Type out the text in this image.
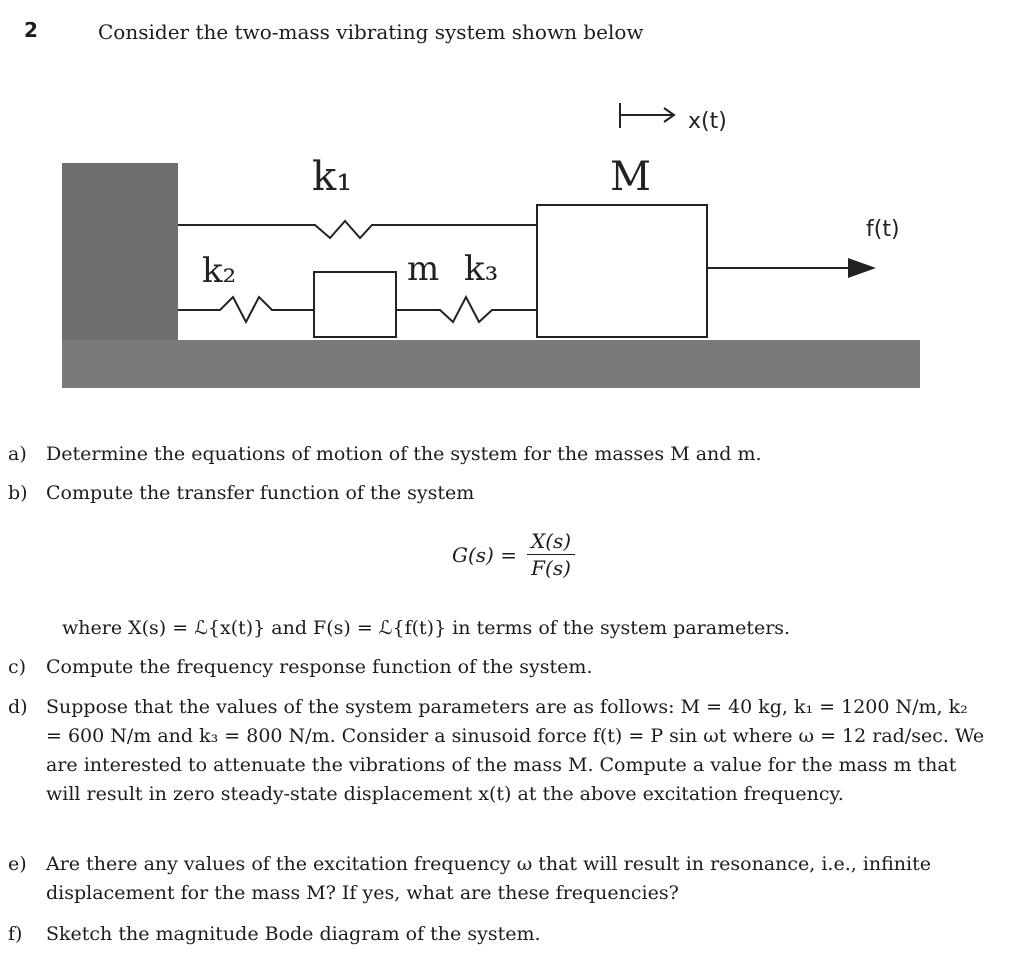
2	Consider the two-mass vibrating system shown below
x(t)
f(t)
k₁
k₂	m k₃
M
a) Determine the equations of motion of the system for the masses M and m.
b) Compute the transfer function of the system
$G(s) = \frac{X(s)}{F(s)}$
where X(s) = ℒ{x(t)} and F(s) = ℒ{f(t)} in terms of the system parameters.
c) Compute the frequency response function of the system.
d) Suppose that the values of the system parameters are as follows: M = 40 kg, k₁ = 1200 N/m, k₂ = 600 N/m and k₃ = 800 N/m. Consider a sinusoid force f(t) = P sin ωt where ω = 12 rad/sec. We are interested to attenuate the vibrations of the mass M. Compute a value for the mass m that will result in zero steady-state displacement x(t) at the above excitation frequency.
e) Are there any values of the excitation frequency ω that will result in resonance, i.e., infinite displacement for the mass M? If yes, what are these frequencies?
f) Sketch the magnitude Bode diagram of the system.
